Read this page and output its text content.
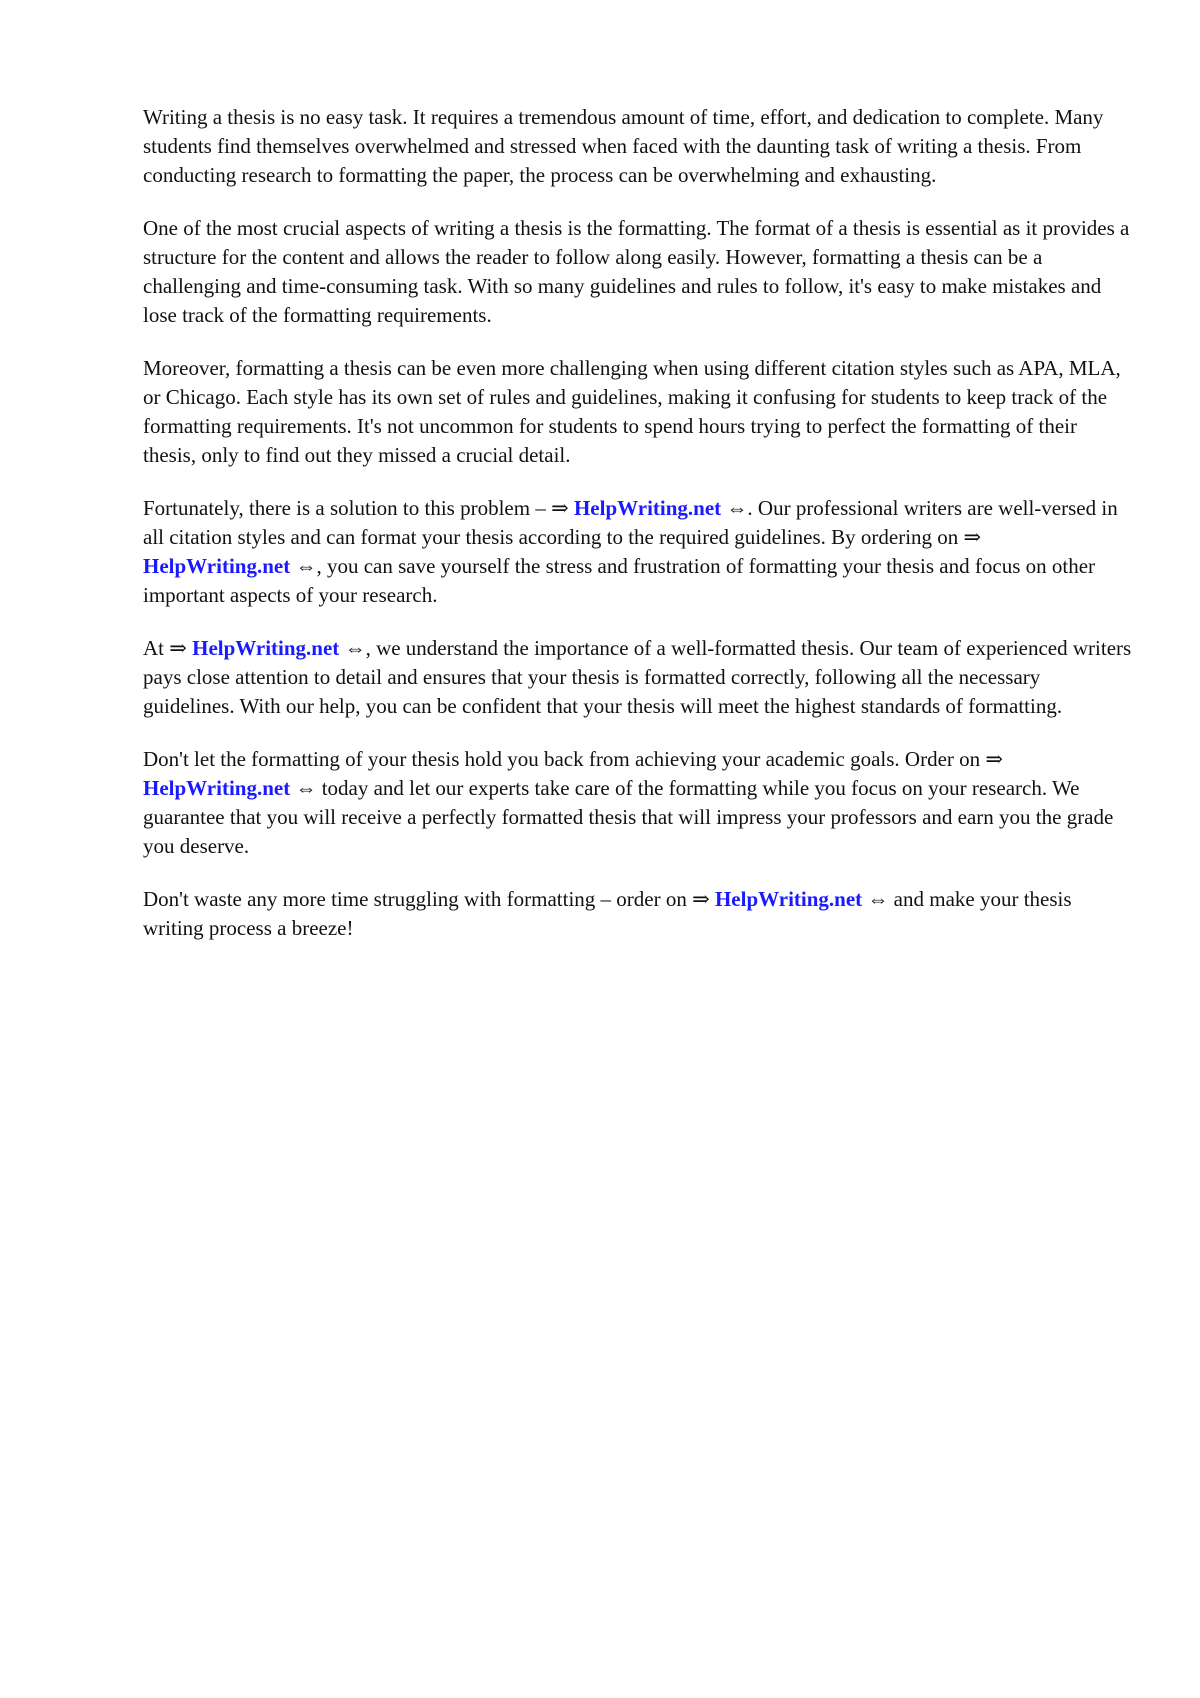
Writing a thesis is no easy task. It requires a tremendous amount of time, effort, and dedication to complete. Many students find themselves overwhelmed and stressed when faced with the daunting task of writing a thesis. From conducting research to formatting the paper, the process can be overwhelming and exhausting.

One of the most crucial aspects of writing a thesis is the formatting. The format of a thesis is essential as it provides a structure for the content and allows the reader to follow along easily. However, formatting a thesis can be a challenging and time-consuming task. With so many guidelines and rules to follow, it's easy to make mistakes and lose track of the formatting requirements.

Moreover, formatting a thesis can be even more challenging when using different citation styles such as APA, MLA, or Chicago. Each style has its own set of rules and guidelines, making it confusing for students to keep track of the formatting requirements. It's not uncommon for students to spend hours trying to perfect the formatting of their thesis, only to find out they missed a crucial detail.

Fortunately, there is a solution to this problem – ⇒ HelpWriting.net ⇔. Our professional writers are well-versed in all citation styles and can format your thesis according to the required guidelines. By ordering on ⇒ HelpWriting.net ⇔, you can save yourself the stress and frustration of formatting your thesis and focus on other important aspects of your research.

At ⇒ HelpWriting.net ⇔, we understand the importance of a well-formatted thesis. Our team of experienced writers pays close attention to detail and ensures that your thesis is formatted correctly, following all the necessary guidelines. With our help, you can be confident that your thesis will meet the highest standards of formatting.

Don't let the formatting of your thesis hold you back from achieving your academic goals. Order on ⇒ HelpWriting.net ⇔ today and let our experts take care of the formatting while you focus on your research. We guarantee that you will receive a perfectly formatted thesis that will impress your professors and earn you the grade you deserve.

Don't waste any more time struggling with formatting – order on ⇒ HelpWriting.net ⇔ and make your thesis writing process a breeze!
